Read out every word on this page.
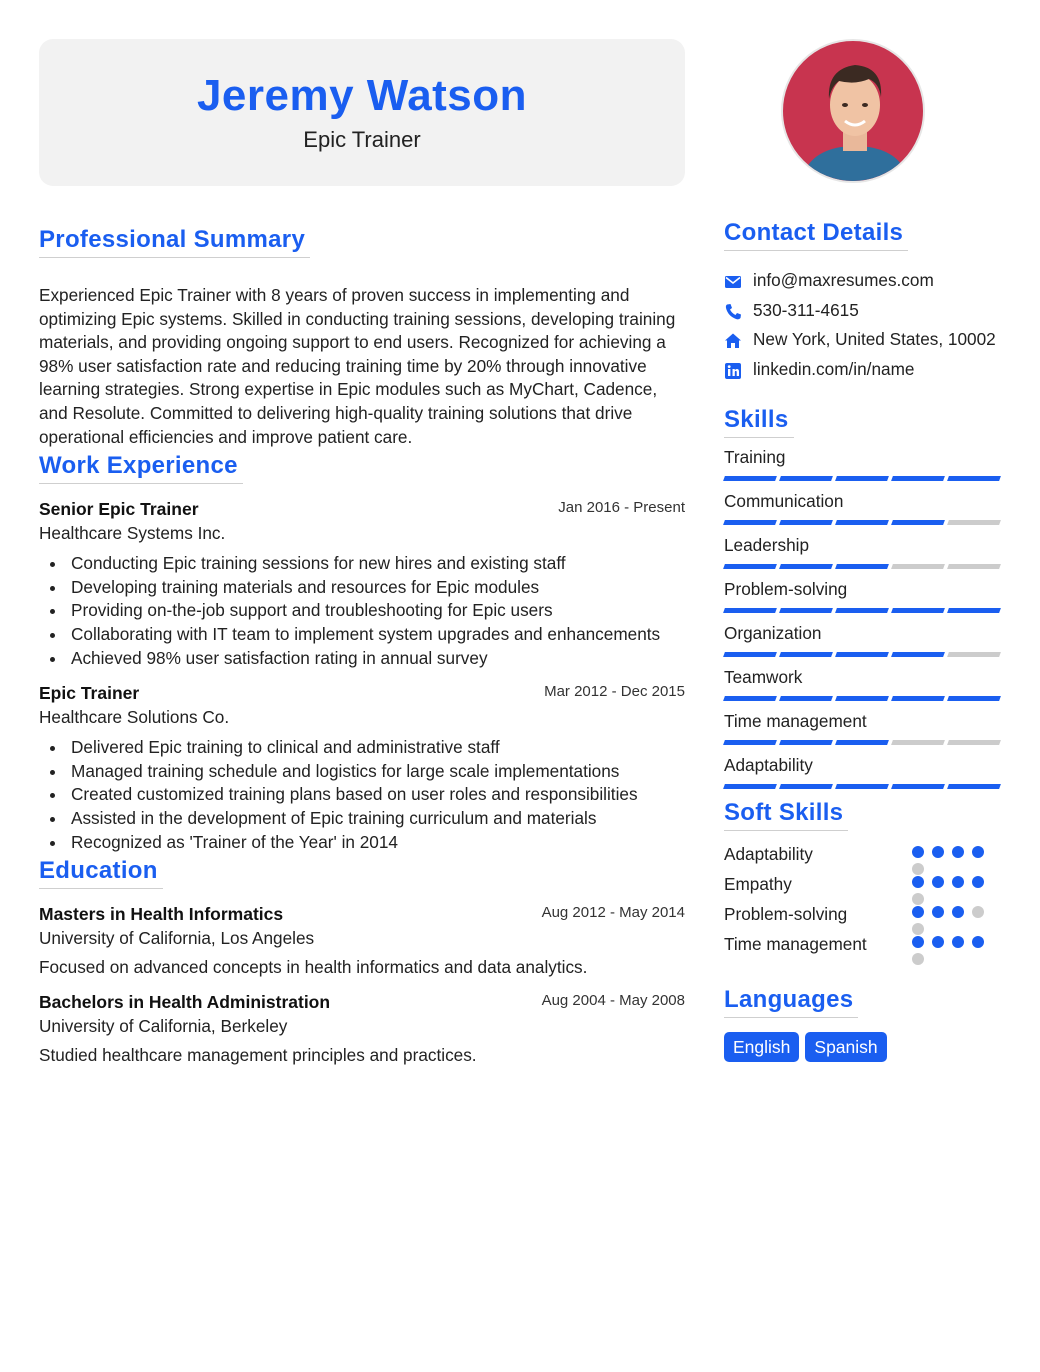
Jeremy Watson
Epic Trainer
Professional Summary

Experienced Epic Trainer with 8 years of proven success in implementing and optimizing Epic systems. Skilled in conducting training sessions, developing training materials, and providing ongoing support to end users. Recognized for achieving a 98% user satisfaction rate and reducing training time by 20% through innovative learning strategies. Strong expertise in Epic modules such as MyChart, Cadence, and Resolute. Committed to delivering high-quality training solutions that drive operational efficiencies and improve patient care.

Work Experience
Senior Epic Trainer	Jan 2016 - Present
Healthcare Systems Inc.
Conducting Epic training sessions for new hires and existing staff
Developing training materials and resources for Epic modules
Providing on-the-job support and troubleshooting for Epic users
Collaborating with IT team to implement system upgrades and enhancements
Achieved 98% user satisfaction rating in annual survey
Epic Trainer	Mar 2012 - Dec 2015
Healthcare Solutions Co.
Delivered Epic training to clinical and administrative staff
Managed training schedule and logistics for large scale implementations
Created customized training plans based on user roles and responsibilities
Assisted in the development of Epic training curriculum and materials
Recognized as 'Trainer of the Year' in 2014
Education
Masters in Health Informatics	Aug 2012 - May 2014
University of California, Los Angeles
Focused on advanced concepts in health informatics and data analytics.
Bachelors in Health Administration	Aug 2004 - May 2008
University of California, Berkeley
Studied healthcare management principles and practices.
Contact Details
info@maxresumes.com
530-311-4615
New York, United States, 10002
linkedin.com/in/name
Skills
Training
Communication
Leadership
Problem-solving
Organization
Teamwork
Time management
Adaptability
Soft Skills
Adaptability
Empathy
Problem-solving
Time management
Languages
English	Spanish
